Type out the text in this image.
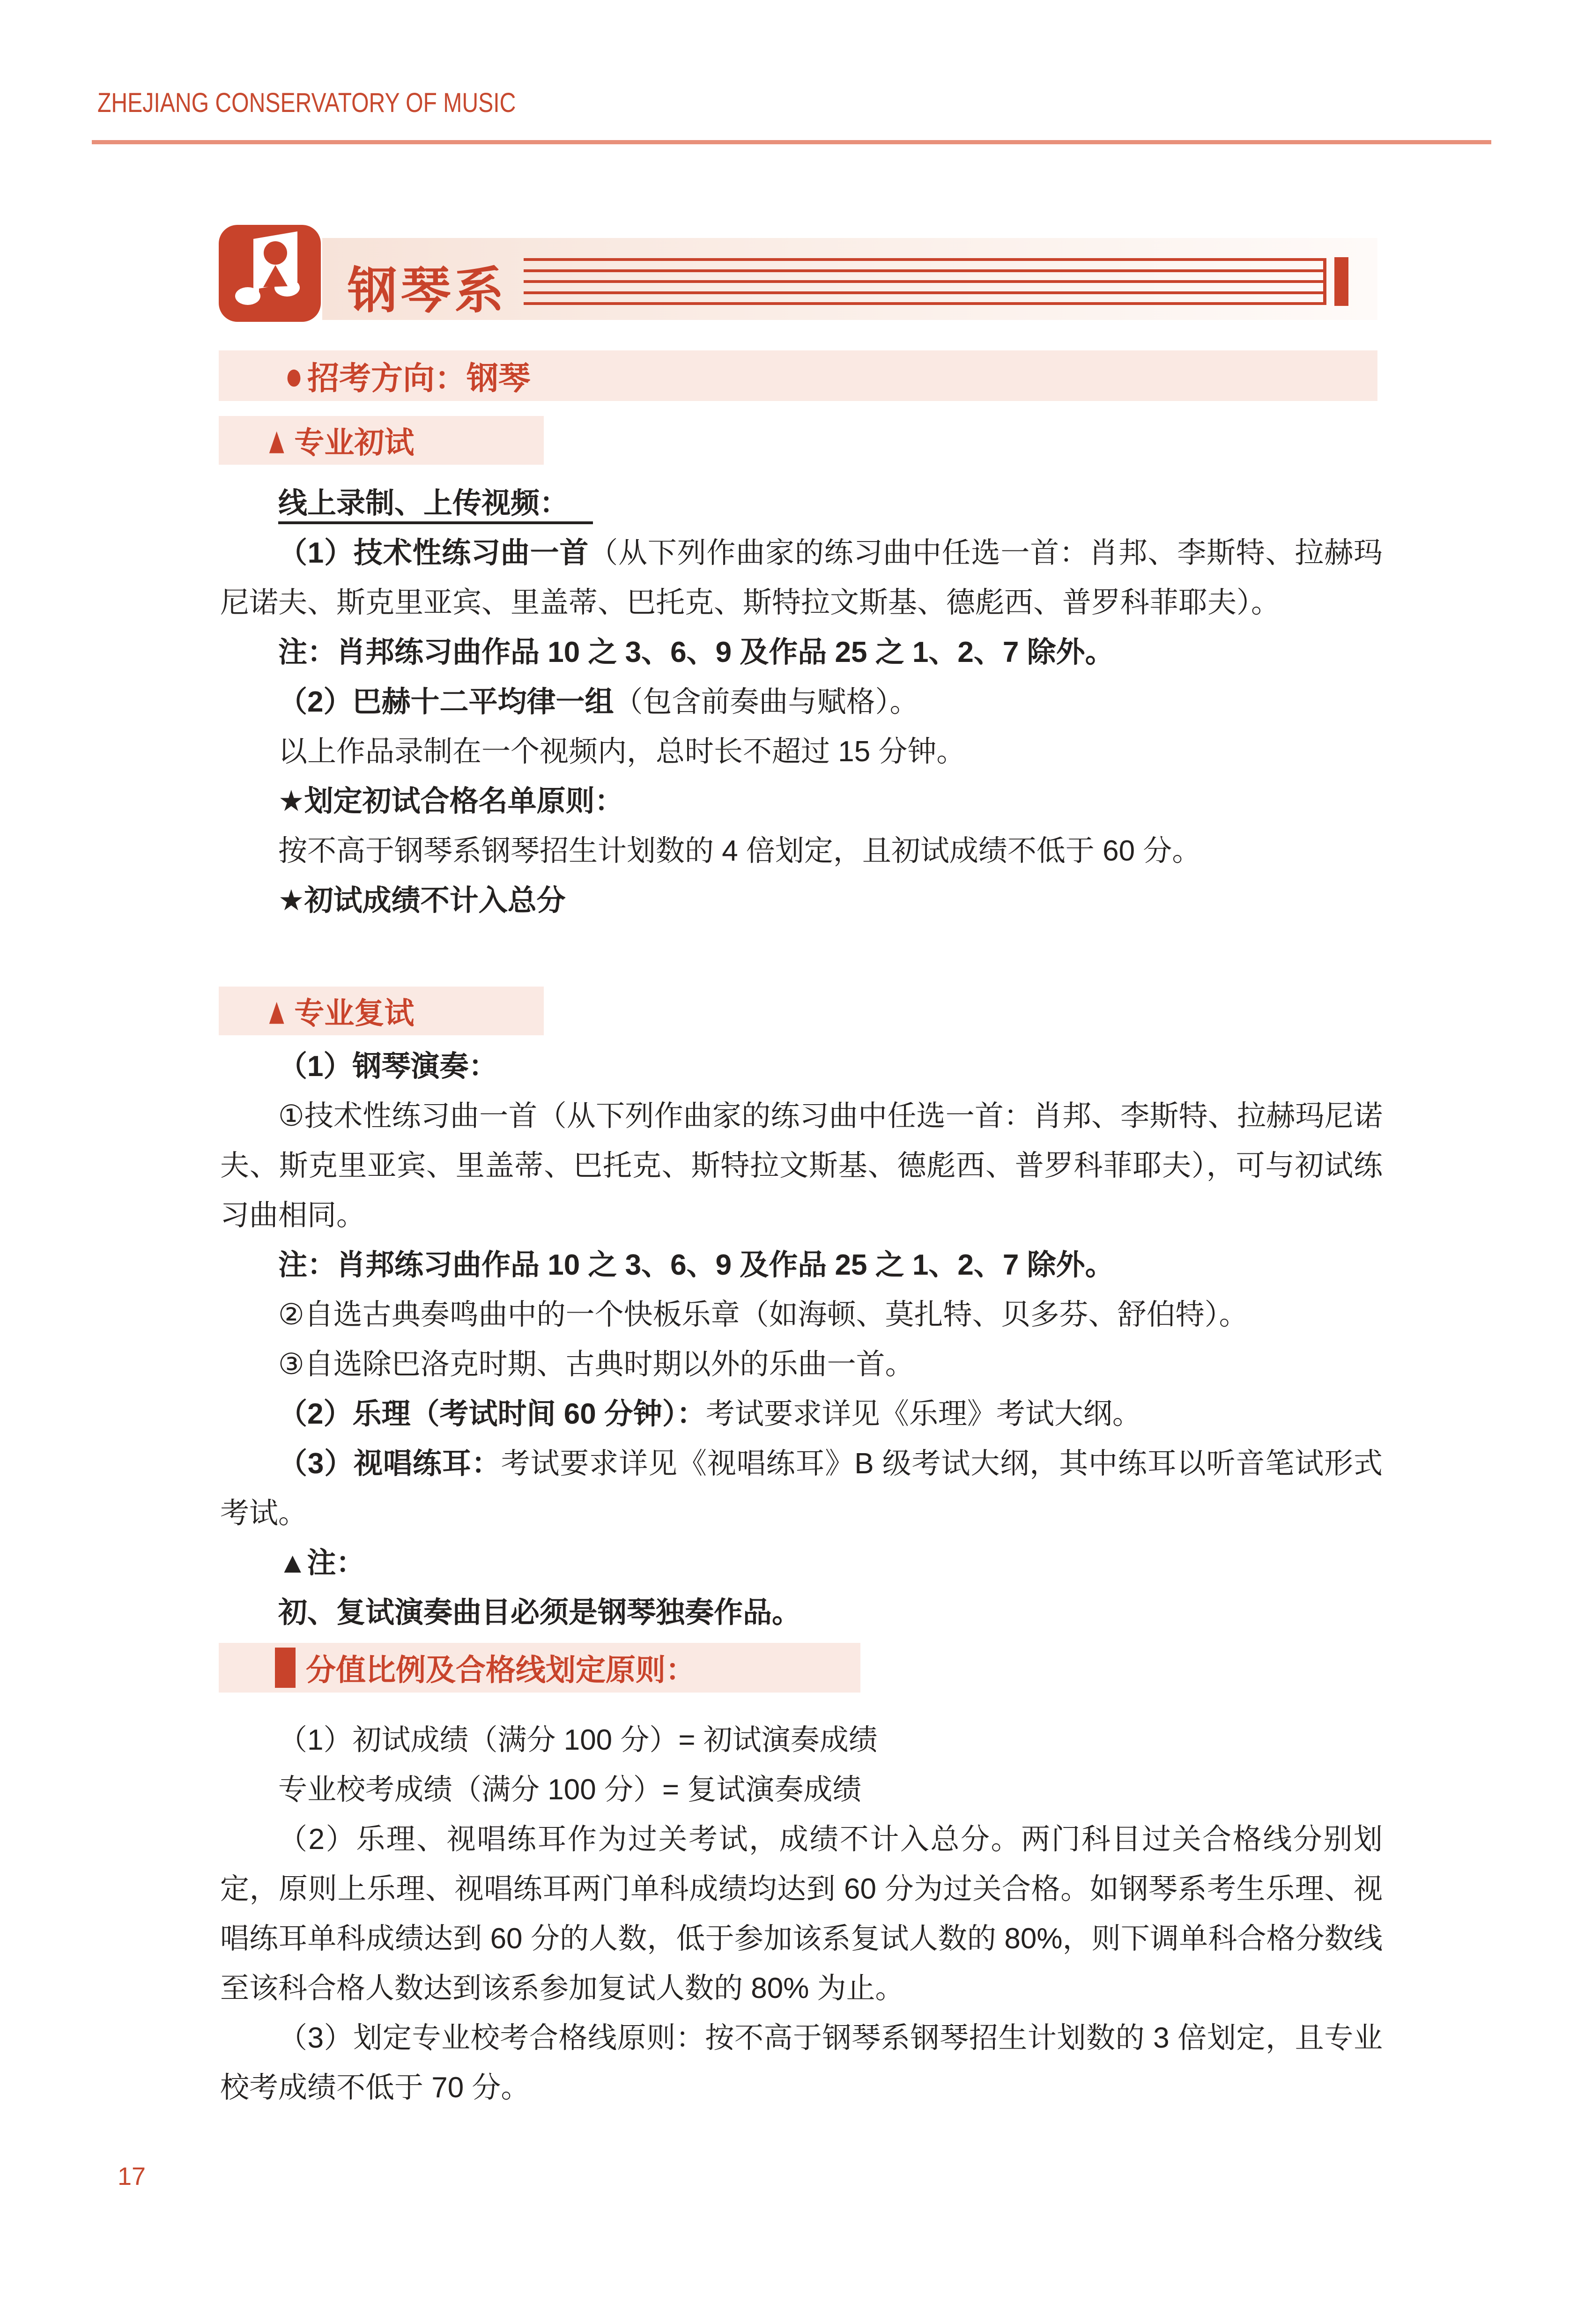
ZHEJIANG CONSERVATORY OF MUSIC
钢琴系
● 招考方向：钢琴
▲ 专业初试

线上录制、上传视频：

（1）技术性练习曲一首（从下列作曲家的练习曲中任选一首：肖邦、李斯特、拉赫玛尼诺夫、斯克里亚宾、里盖蒂、巴托克、斯特拉文斯基、德彪西、普罗科菲耶夫）。

注：肖邦练习曲作品 10 之 3、6、9 及作品 25 之 1、2、7 除外。

（2）巴赫十二平均律一组（包含前奏曲与赋格）。

以上作品录制在一个视频内，总时长不超过 15 分钟。

★划定初试合格名单原则：

按不高于钢琴系钢琴招生计划数的 4 倍划定，且初试成绩不低于 60 分。

★初试成绩不计入总分

▲ 专业复试

（1）钢琴演奏：

①技术性练习曲一首（从下列作曲家的练习曲中任选一首：肖邦、李斯特、拉赫玛尼诺夫、斯克里亚宾、里盖蒂、巴托克、斯特拉文斯基、德彪西、普罗科菲耶夫），可与初试练习曲相同。

注：肖邦练习曲作品 10 之 3、6、9 及作品 25 之 1、2、7 除外。

②自选古典奏鸣曲中的一个快板乐章（如海顿、莫扎特、贝多芬、舒伯特）。

③自选除巴洛克时期、古典时期以外的乐曲一首。

（2）乐理（考试时间 60 分钟）：考试要求详见《乐理》考试大纲。

（3）视唱练耳：考试要求详见《视唱练耳》B 级考试大纲，其中练耳以听音笔试形式考试。

▲注：

初、复试演奏曲目必须是钢琴独奏作品。

分值比例及合格线划定原则：

（1）初试成绩（满分 100 分）= 初试演奏成绩

专业校考成绩（满分 100 分）= 复试演奏成绩

（2）乐理、视唱练耳作为过关考试，成绩不计入总分。两门科目过关合格线分别划定，原则上乐理、视唱练耳两门单科成绩均达到 60 分为过关合格。如钢琴系考生乐理、视唱练耳单科成绩达到 60 分的人数，低于参加该系复试人数的 80%，则下调单科合格分数线至该科合格人数达到该系参加复试人数的 80% 为止。

（3）划定专业校考合格线原则：按不高于钢琴系钢琴招生计划数的 3 倍划定，且专业校考成绩不低于 70 分。

17
